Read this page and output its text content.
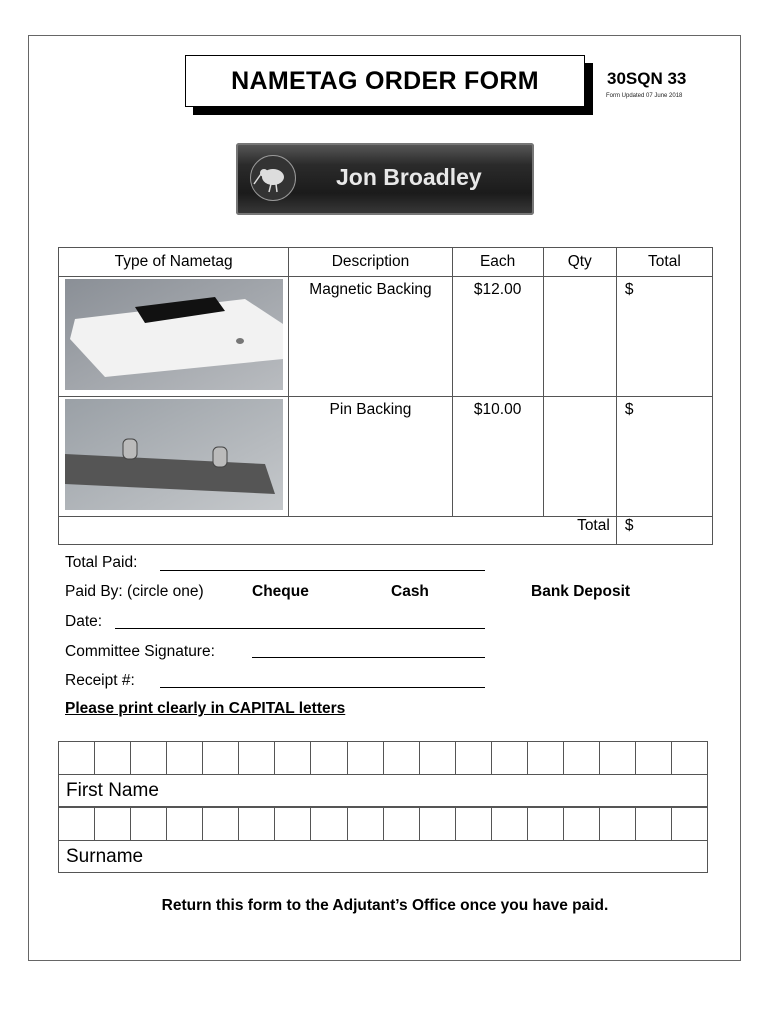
NAMETAG ORDER FORM	30SQN 33
Form Updated 07 June 2018
Jon Broadley
Type of Nametag	Description	Each	Qty	Total

	Magnetic Backing	$12.00		$

	Pin Backing	$10.00		$
Total				$
Total Paid:
Paid By: (circle one)	Cheque	Cash	Bank Deposit
Date:
Committee Signature:
Receipt #:
Please print clearly in CAPITAL letters
First Name
Surname
Return this form to the Adjutant’s Office once you have paid.
